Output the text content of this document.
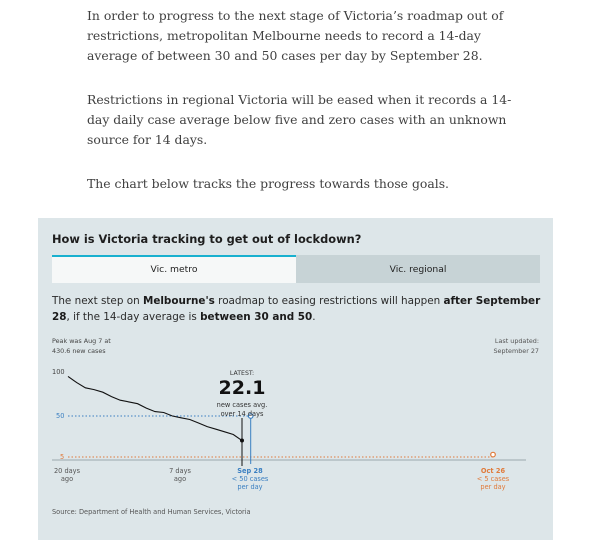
In order to progress to the next stage of Victoria’s roadmap out of restrictions, metropolitan Melbourne needs to record a 14-day average of between 30 and 50 cases per day by September 28.

Restrictions in regional Victoria will be eased when it records a 14-day daily case average below five and zero cases with an unknown source for 14 days.

The chart below tracks the progress towards those goals.

How is Victoria tracking to get out of lockdown?
Vic. metro	Vic. regional
The next step on Melbourne's roadmap to easing restrictions will happen after September 28, if the 14-day average is between 30 and 50.
Peak was Aug 7 at
430.6 new cases
Last updated:
September 27
100
50
5
LATEST:
22.1
new cases avg.
over 14 days
20 days
ago
7 days
ago
Sep 28
< 50 cases
per day
Oct 26
< 5 cases
per day
Source: Department of Health and Human Services, Victoria
